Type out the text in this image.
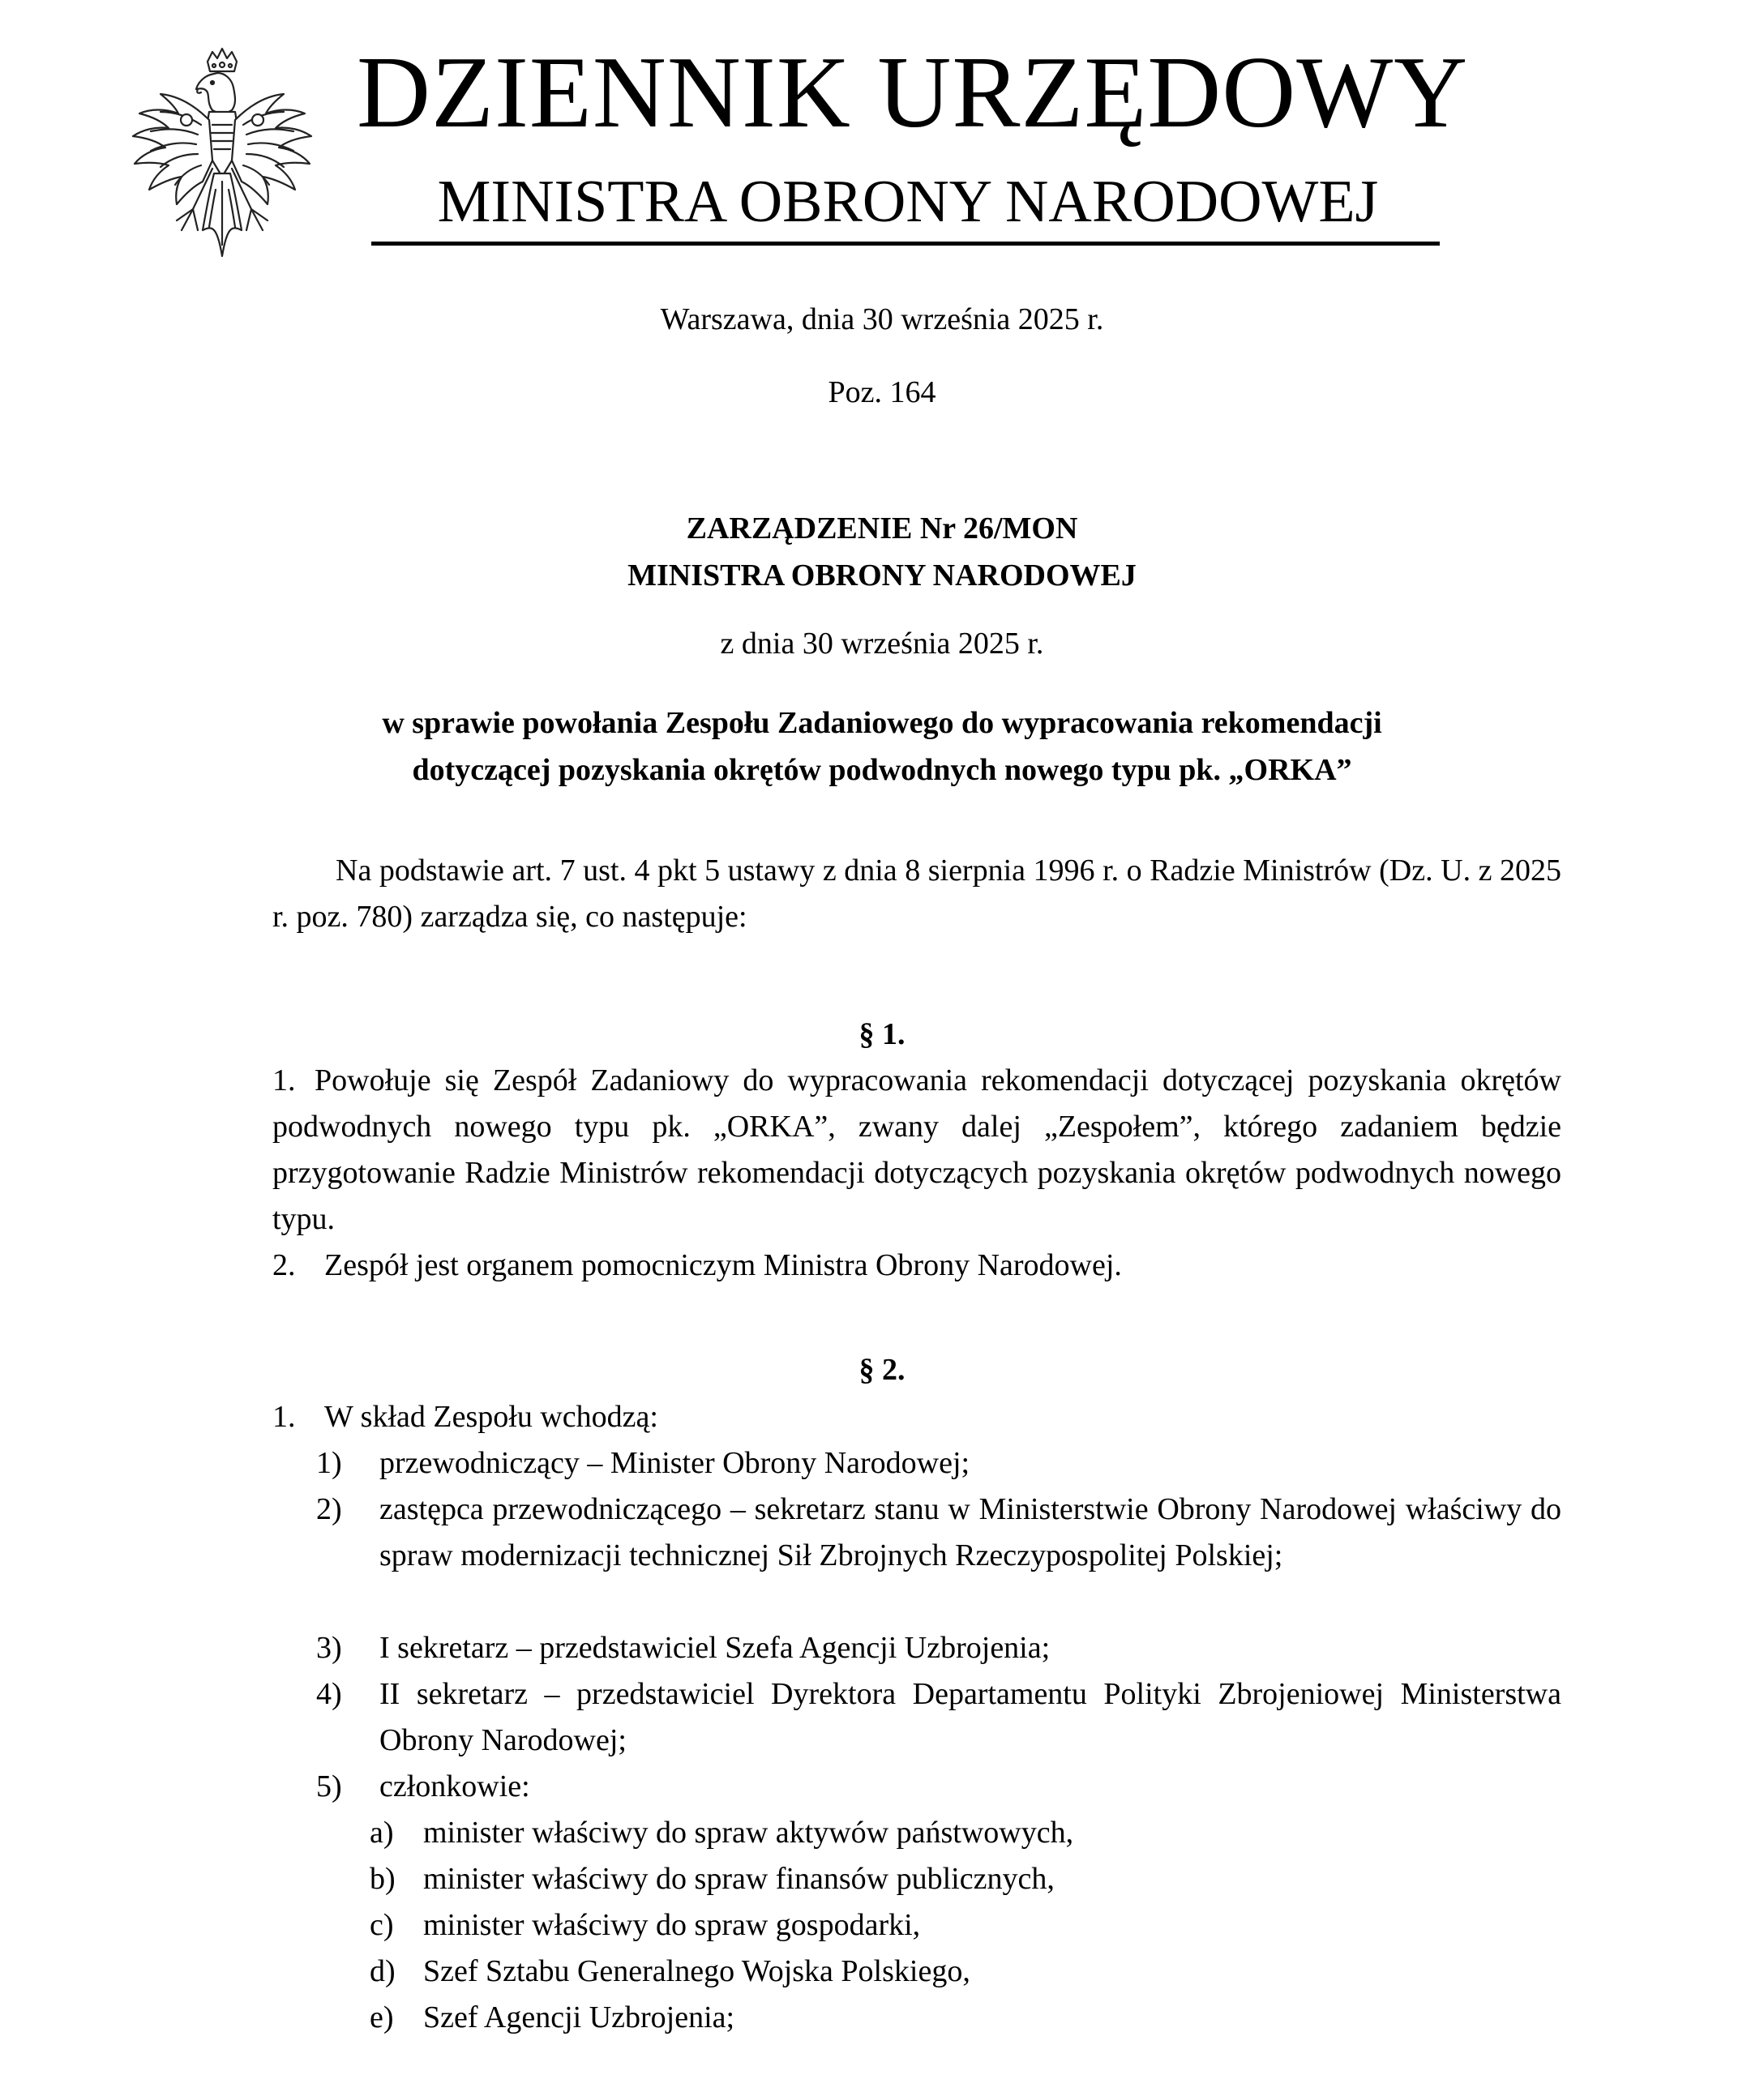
DZIENNIK URZĘDOWY
MINISTRA OBRONY NARODOWEJ
Warszawa, dnia 30 września 2025 r.
Poz. 164
ZARZĄDZENIE Nr 26/MON
MINISTRA OBRONY NARODOWEJ
z dnia 30 września 2025 r.
w sprawie powołania Zespołu Zadaniowego do wypracowania rekomendacji
dotyczącej pozyskania okrętów podwodnych nowego typu pk. „ORKA”
Na podstawie art. 7 ust. 4 pkt 5 ustawy z dnia 8 sierpnia 1996 r. o Radzie Ministrów (Dz. U. z 2025 r. poz. 780) zarządza się, co następuje:
§ 1.
1. Powołuje się Zespół Zadaniowy do wypracowania rekomendacji dotyczącej pozyskania okrętów podwodnych nowego typu pk. „ORKA”, zwany dalej „Zespołem”, którego zadaniem będzie przygotowanie Radzie Ministrów rekomendacji dotyczących pozyskania okrętów podwodnych nowego typu.
2. Zespół jest organem pomocniczym Ministra Obrony Narodowej.
§ 2.
1. W skład Zespołu wchodzą:
1)	przewodniczący – Minister Obrony Narodowej;
2)	zastępca przewodniczącego – sekretarz stanu w Ministerstwie Obrony Narodowej właściwy do spraw modernizacji technicznej Sił Zbrojnych Rzeczypospolitej Polskiej;
3)	I sekretarz – przedstawiciel Szefa Agencji Uzbrojenia;
4)	II sekretarz – przedstawiciel Dyrektora Departamentu Polityki Zbrojeniowej Ministerstwa Obrony Narodowej;
5)	członkowie:
a) minister właściwy do spraw aktywów państwowych,
b) minister właściwy do spraw finansów publicznych,
c) minister właściwy do spraw gospodarki,
d) Szef Sztabu Generalnego Wojska Polskiego,
e) Szef Agencji Uzbrojenia;
